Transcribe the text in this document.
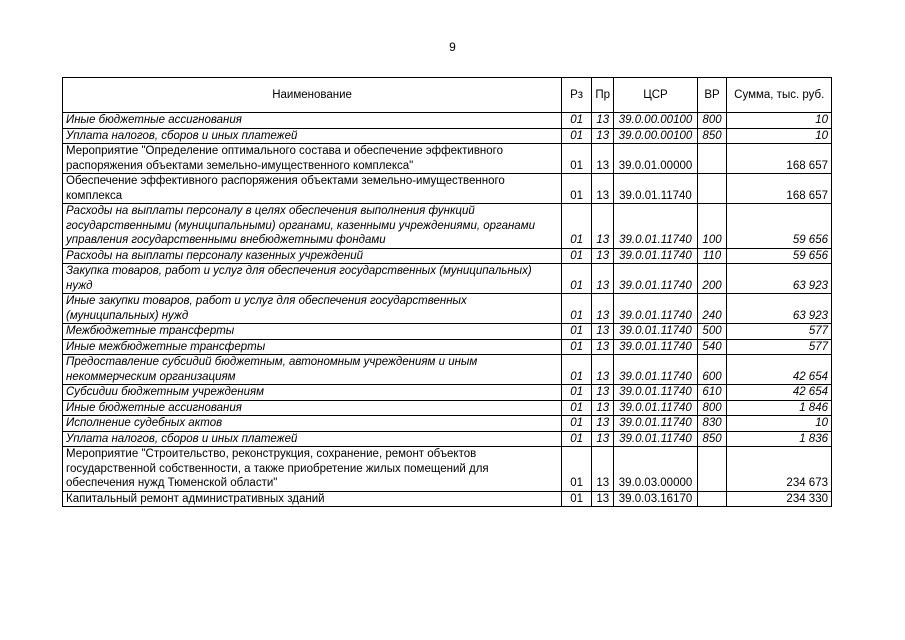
9
Наименование	Рз	Пр	ЦСР	ВР	Сумма, тыс. руб.
Иные бюджетные ассигнования	01	13	39.0.00.00100	800	10
Уплата налогов, сборов и иных платежей	01	13	39.0.00.00100	850	10
Мероприятие "Определение оптимального состава и обеспечение эффективного распоряжения объектами земельно-имущественного комплекса"	01	13	39.0.01.00000		168 657
Обеспечение эффективного распоряжения объектами земельно-имущественного комплекса	01	13	39.0.01.11740		168 657
Расходы на выплаты персоналу в целях обеспечения выполнения функций государственными (муниципальными) органами, казенными учреждениями, органами управления государственными внебюджетными фондами	01	13	39.0.01.11740	100	59 656
Расходы на выплаты персоналу казенных учреждений	01	13	39.0.01.11740	110	59 656
Закупка товаров, работ и услуг для обеспечения государственных (муниципальных) нужд	01	13	39.0.01.11740	200	63 923
Иные закупки товаров, работ и услуг для обеспечения государственных (муниципальных) нужд	01	13	39.0.01.11740	240	63 923
Межбюджетные трансферты	01	13	39.0.01.11740	500	577
Иные межбюджетные трансферты	01	13	39.0.01.11740	540	577
Предоставление субсидий бюджетным, автономным учреждениям и иным некоммерческим организациям	01	13	39.0.01.11740	600	42 654
Субсидии бюджетным учреждениям	01	13	39.0.01.11740	610	42 654
Иные бюджетные ассигнования	01	13	39.0.01.11740	800	1 846
Исполнение судебных актов	01	13	39.0.01.11740	830	10
Уплата налогов, сборов и иных платежей	01	13	39.0.01.11740	850	1 836
Мероприятие "Строительство, реконструкция, сохранение, ремонт объектов государственной собственности, а также приобретение жилых помещений для обеспечения нужд Тюменской области"	01	13	39.0.03.00000		234 673
Капитальный ремонт административных зданий	01	13	39.0.03.16170		234 330
